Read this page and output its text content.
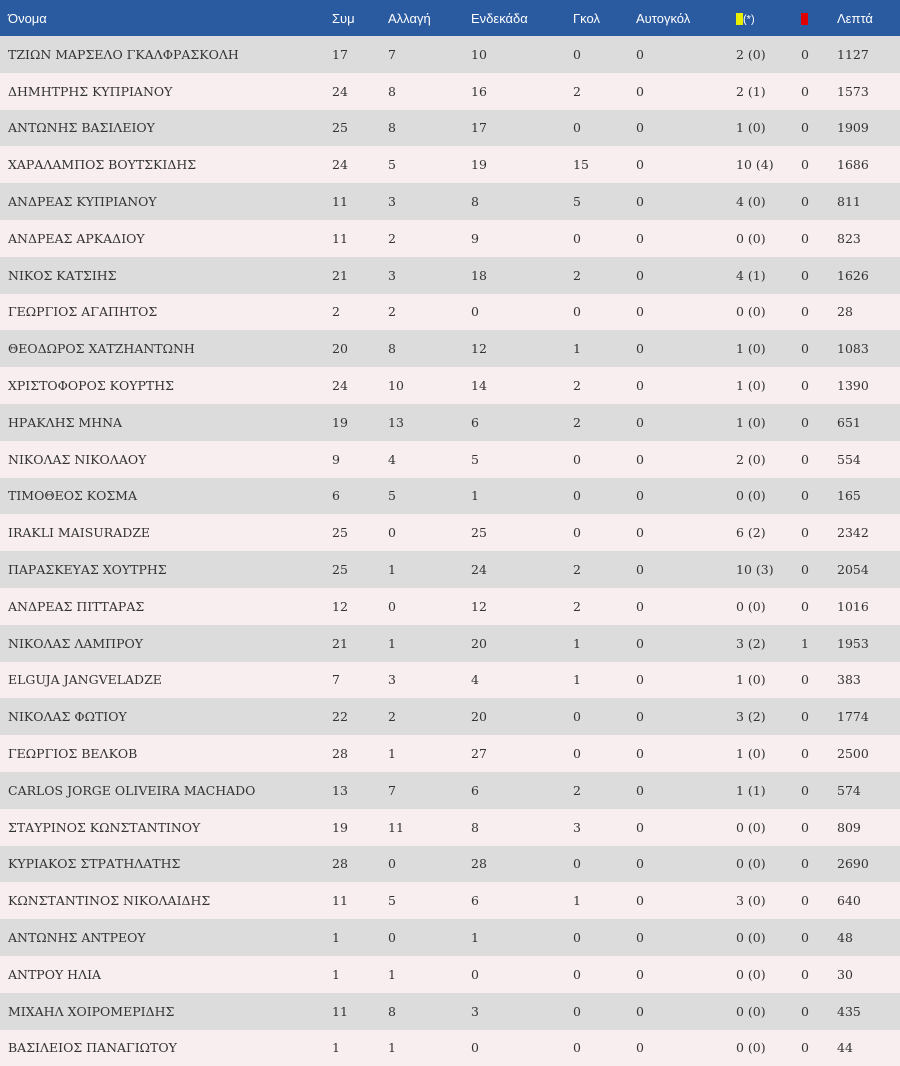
Όνομα	Συμ	Αλλαγή	Ενδεκάδα	Γκολ	Αυτογκόλ	(*)		Λεπτά
ΤΖΙΩΝ ΜΑΡΣΕΛΟ ΓΚΑΛΦΡΑΣΚΟΛΗ	17	7	10	0	0	2 (0)	0	1127
ΔΗΜΗΤΡΗΣ ΚΥΠΡΙΑΝΟΥ	24	8	16	2	0	2 (1)	0	1573
ΑΝΤΩΝΗΣ ΒΑΣΙΛΕΙΟΥ	25	8	17	0	0	1 (0)	0	1909
ΧΑΡΑΛΑΜΠΟΣ ΒΟΥΤΣΚΙΔΗΣ	24	5	19	15	0	10 (4)	0	1686
ΑΝΔΡΕΑΣ ΚΥΠΡΙΑΝΟΥ	11	3	8	5	0	4 (0)	0	811
ΑΝΔΡΕΑΣ ΑΡΚΑΔΙΟΥ	11	2	9	0	0	0 (0)	0	823
ΝΙΚΟΣ ΚΑΤΣΙΗΣ	21	3	18	2	0	4 (1)	0	1626
ΓΕΩΡΓΙΟΣ ΑΓΑΠΗΤΟΣ	2	2	0	0	0	0 (0)	0	28
ΘΕΟΔΩΡΟΣ ΧΑΤΖΗΑΝΤΩΝΗ	20	8	12	1	0	1 (0)	0	1083
ΧΡΙΣΤΟΦΟΡΟΣ ΚΟΥΡΤΗΣ	24	10	14	2	0	1 (0)	0	1390
ΗΡΑΚΛΗΣ ΜΗΝΑ	19	13	6	2	0	1 (0)	0	651
ΝΙΚΟΛΑΣ ΝΙΚΟΛΑΟΥ	9	4	5	0	0	2 (0)	0	554
ΤΙΜΟΘΕΟΣ ΚΟΣΜΑ	6	5	1	0	0	0 (0)	0	165
IRAKLI MAISURADZE	25	0	25	0	0	6 (2)	0	2342
ΠΑΡΑΣΚΕΥΑΣ ΧΟΥΤΡΗΣ	25	1	24	2	0	10 (3)	0	2054
ΑΝΔΡΕΑΣ ΠΙΤΤΑΡΑΣ	12	0	12	2	0	0 (0)	0	1016
ΝΙΚΟΛΑΣ ΛΑΜΠΡΟΥ	21	1	20	1	0	3 (2)	1	1953
ELGUJA JANGVELADZE	7	3	4	1	0	1 (0)	0	383
ΝΙΚΟΛΑΣ ΦΩΤΙΟΥ	22	2	20	0	0	3 (2)	0	1774
ΓΕΩΡΓΙΟΣ ΒΕΛΚΟΒ	28	1	27	0	0	1 (0)	0	2500
CARLOS JORGE OLIVEIRA MACHADO	13	7	6	2	0	1 (1)	0	574
ΣΤΑΥΡΙΝΟΣ ΚΩΝΣΤΑΝΤΙΝΟΥ	19	11	8	3	0	0 (0)	0	809
ΚΥΡΙΑΚΟΣ ΣΤΡΑΤΗΛΑΤΗΣ	28	0	28	0	0	0 (0)	0	2690
ΚΩΝΣΤΑΝΤΙΝΟΣ ΝΙΚΟΛΑΙΔΗΣ	11	5	6	1	0	3 (0)	0	640
ΑΝΤΩΝΗΣ ΑΝΤΡΕΟΥ	1	0	1	0	0	0 (0)	0	48
ΑΝΤΡΟΥ ΗΛΙΑ	1	1	0	0	0	0 (0)	0	30
ΜΙΧΑΗΛ ΧΟΙΡΟΜΕΡΙΔΗΣ	11	8	3	0	0	0 (0)	0	435
ΒΑΣΙΛΕΙΟΣ ΠΑΝΑΓΙΩΤΟΥ	1	1	0	0	0	0 (0)	0	44
